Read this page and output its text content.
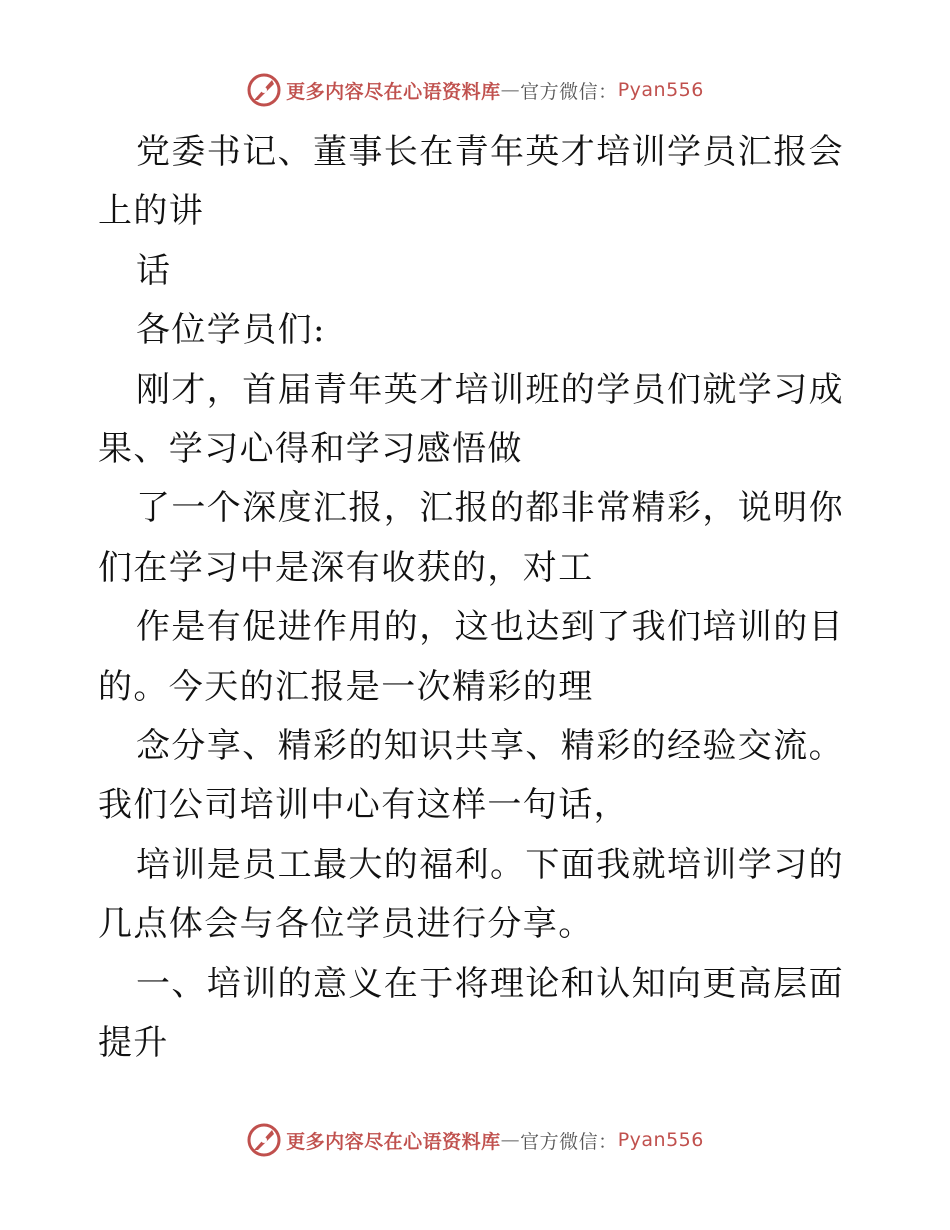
更多内容尽在心语资料库 — 官方微信： Pyan556

党委书记、董事长在青年英才培训学员汇报会上的讲

话

各位学员们:

刚才，首届青年英才培训班的学员们就学习成果、学习心得和学习感悟做

了一个深度汇报，汇报的都非常精彩，说明你们在学习中是深有收获的，对工

作是有促进作用的，这也达到了我们培训的目的。今天的汇报是一次精彩的理

念分享、精彩的知识共享、精彩的经验交流。我们公司培训中心有这样一句话，

培训是员工最大的福利。下面我就培训学习的几点体会与各位学员进行分享。

一、培训的意义在于将理论和认知向更高层面提升

更多内容尽在心语资料库 — 官方微信： Pyan556
